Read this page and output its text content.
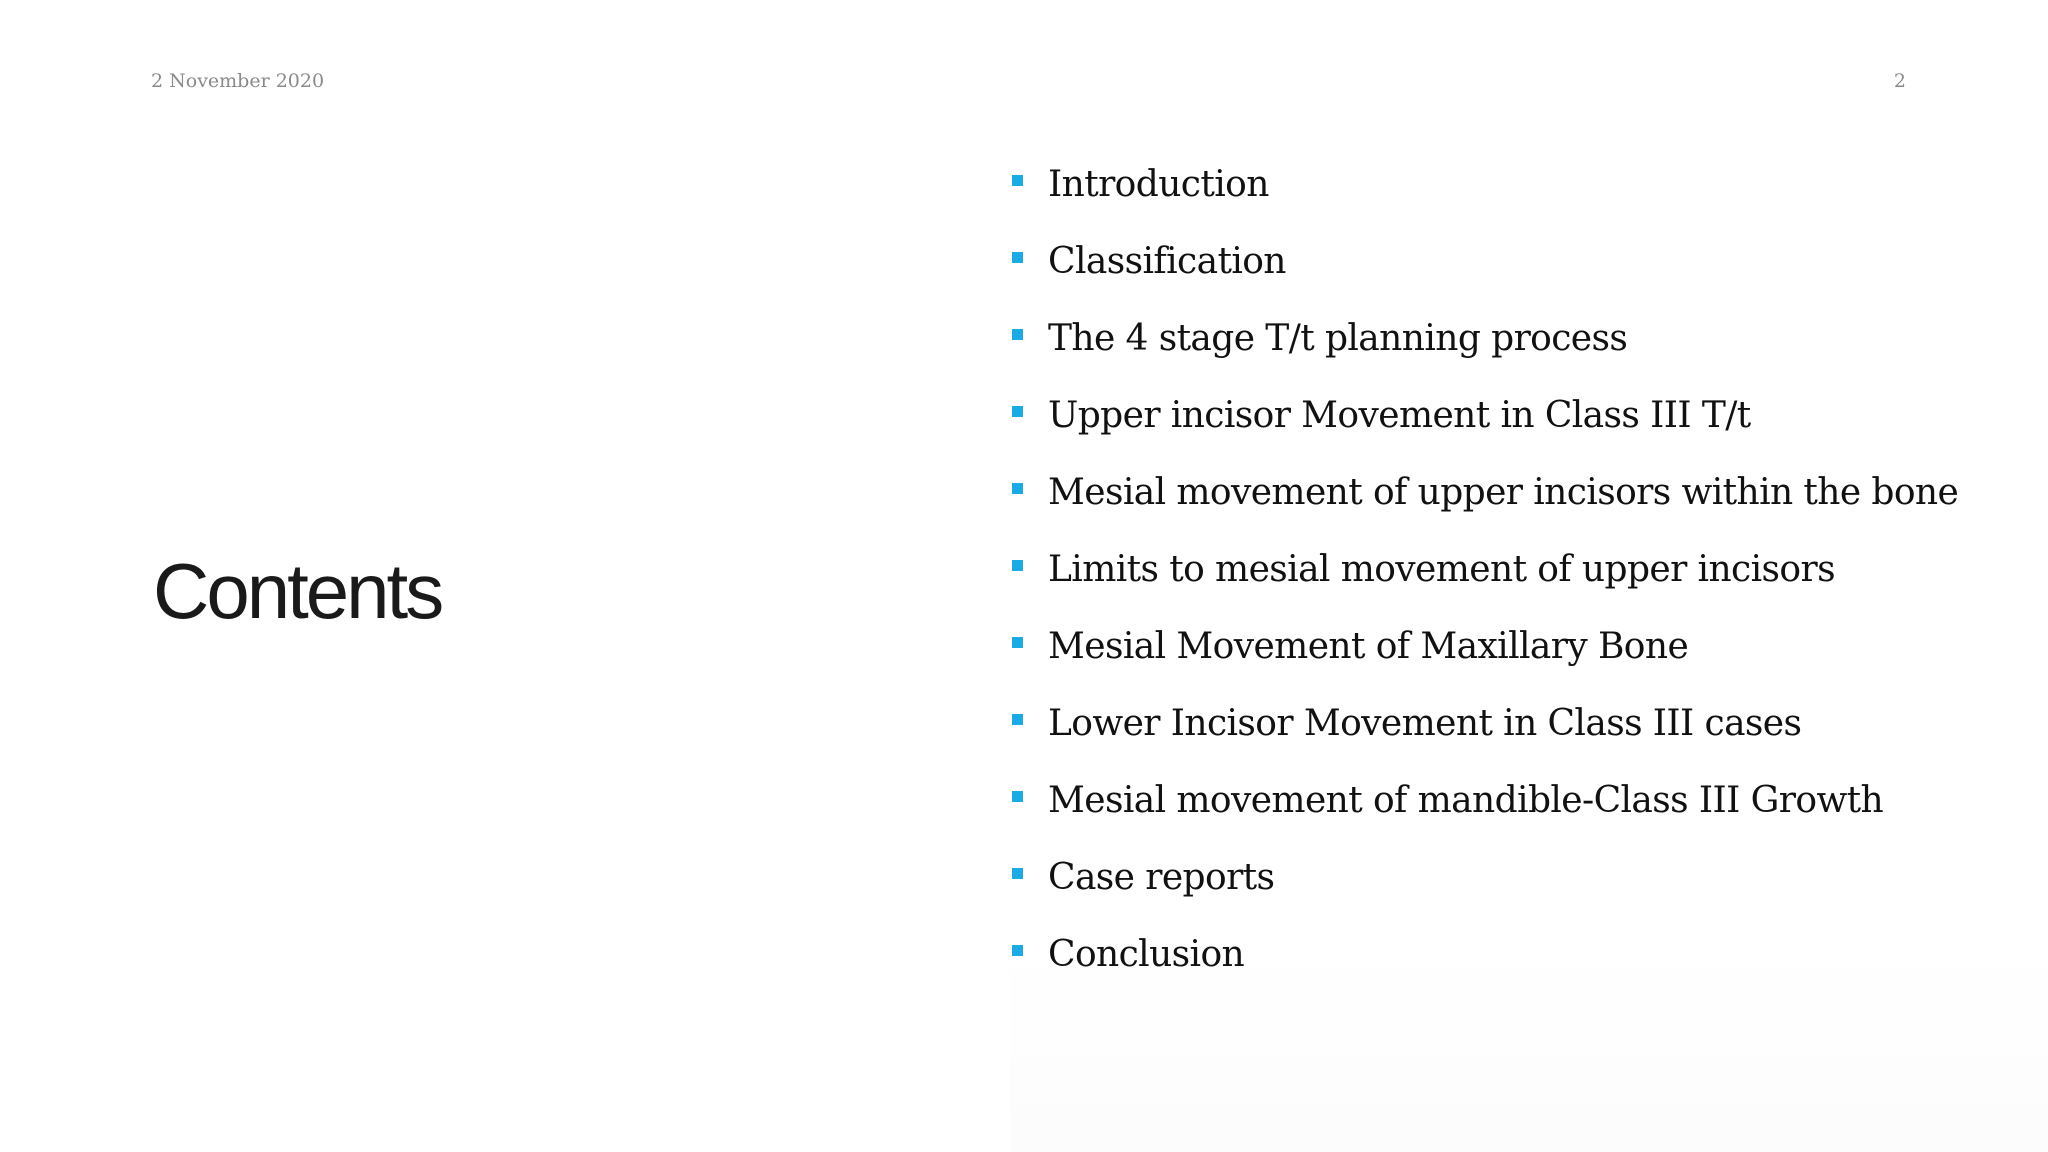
2 November 2020	2
Contents
Introduction
Classification
The 4 stage T/t planning process
Upper incisor Movement in Class III T/t
Mesial movement of upper incisors within the bone
Limits to mesial movement of upper incisors
Mesial Movement of Maxillary Bone
Lower Incisor Movement in Class III cases
Mesial movement of mandible-Class III Growth
Case reports
Conclusion
